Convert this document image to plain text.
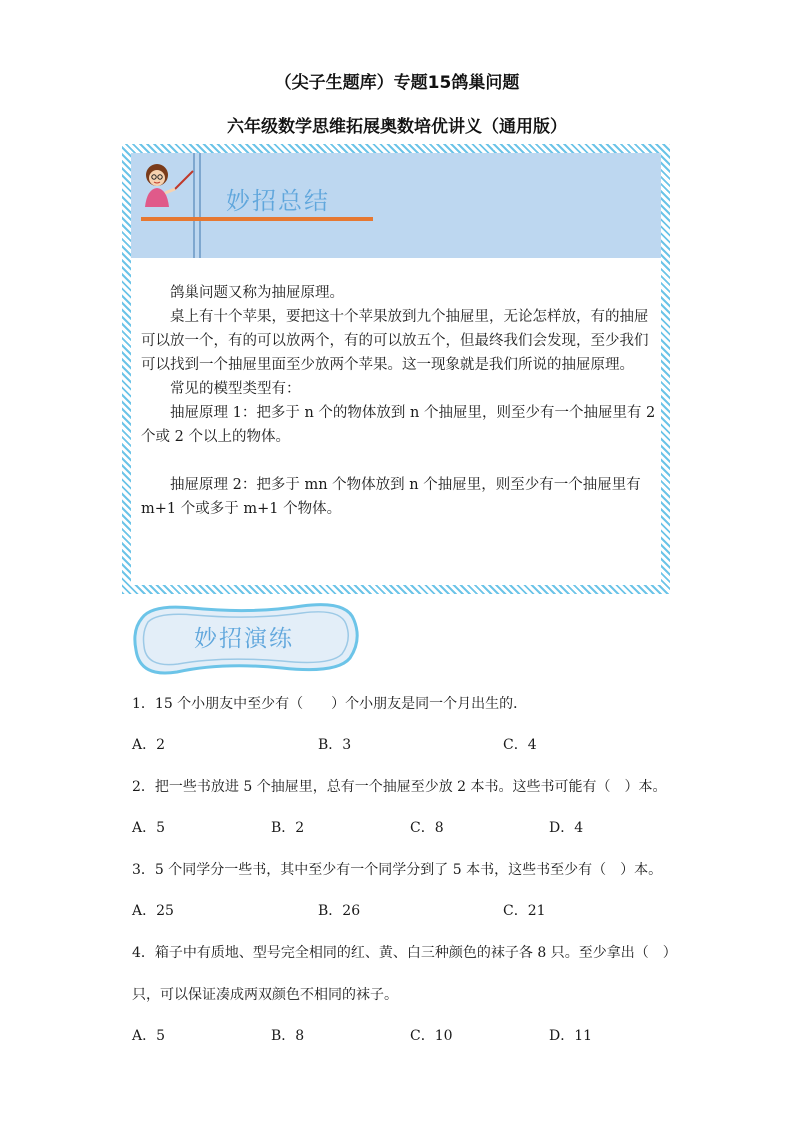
（尖子生题库）专题15鸽巢问题
六年级数学思维拓展奥数培优讲义（通用版）
妙招总结

鸽巢问题又称为抽屉原理。

桌上有十个苹果，要把这十个苹果放到九个抽屉里，无论怎样放，有的抽屉可以放一个，有的可以放两个，有的可以放五个，但最终我们会发现，至少我们可以找到一个抽屉里面至少放两个苹果。这一现象就是我们所说的抽屉原理。

常见的模型类型有：

抽屉原理 1：把多于 n 个的物体放到 n 个抽屉里，则至少有一个抽屉里有 2个或 2 个以上的物体。

抽屉原理 2：把多于 mn 个物体放到 n 个抽屉里，则至少有一个抽屉里有 m+1 个或多于 m+1 个物体。

妙招演练
1．15 个小朋友中至少有（　　）个小朋友是同一个月出生的．
A．2	B．3	C．4
2．把一些书放进 5 个抽屉里，总有一个抽屉至少放 2 本书。这些书可能有（　）本。
A．5	B．2	C．8	D．4
3．5 个同学分一些书，其中至少有一个同学分到了 5 本书，这些书至少有（　）本。
A．25	B．26	C．21
4．箱子中有质地、型号完全相同的红、黄、白三种颜色的袜子各 8 只。至少拿出（　）
只，可以保证凑成两双颜色不相同的袜子。
A．5	B．8	C．10	D．11
